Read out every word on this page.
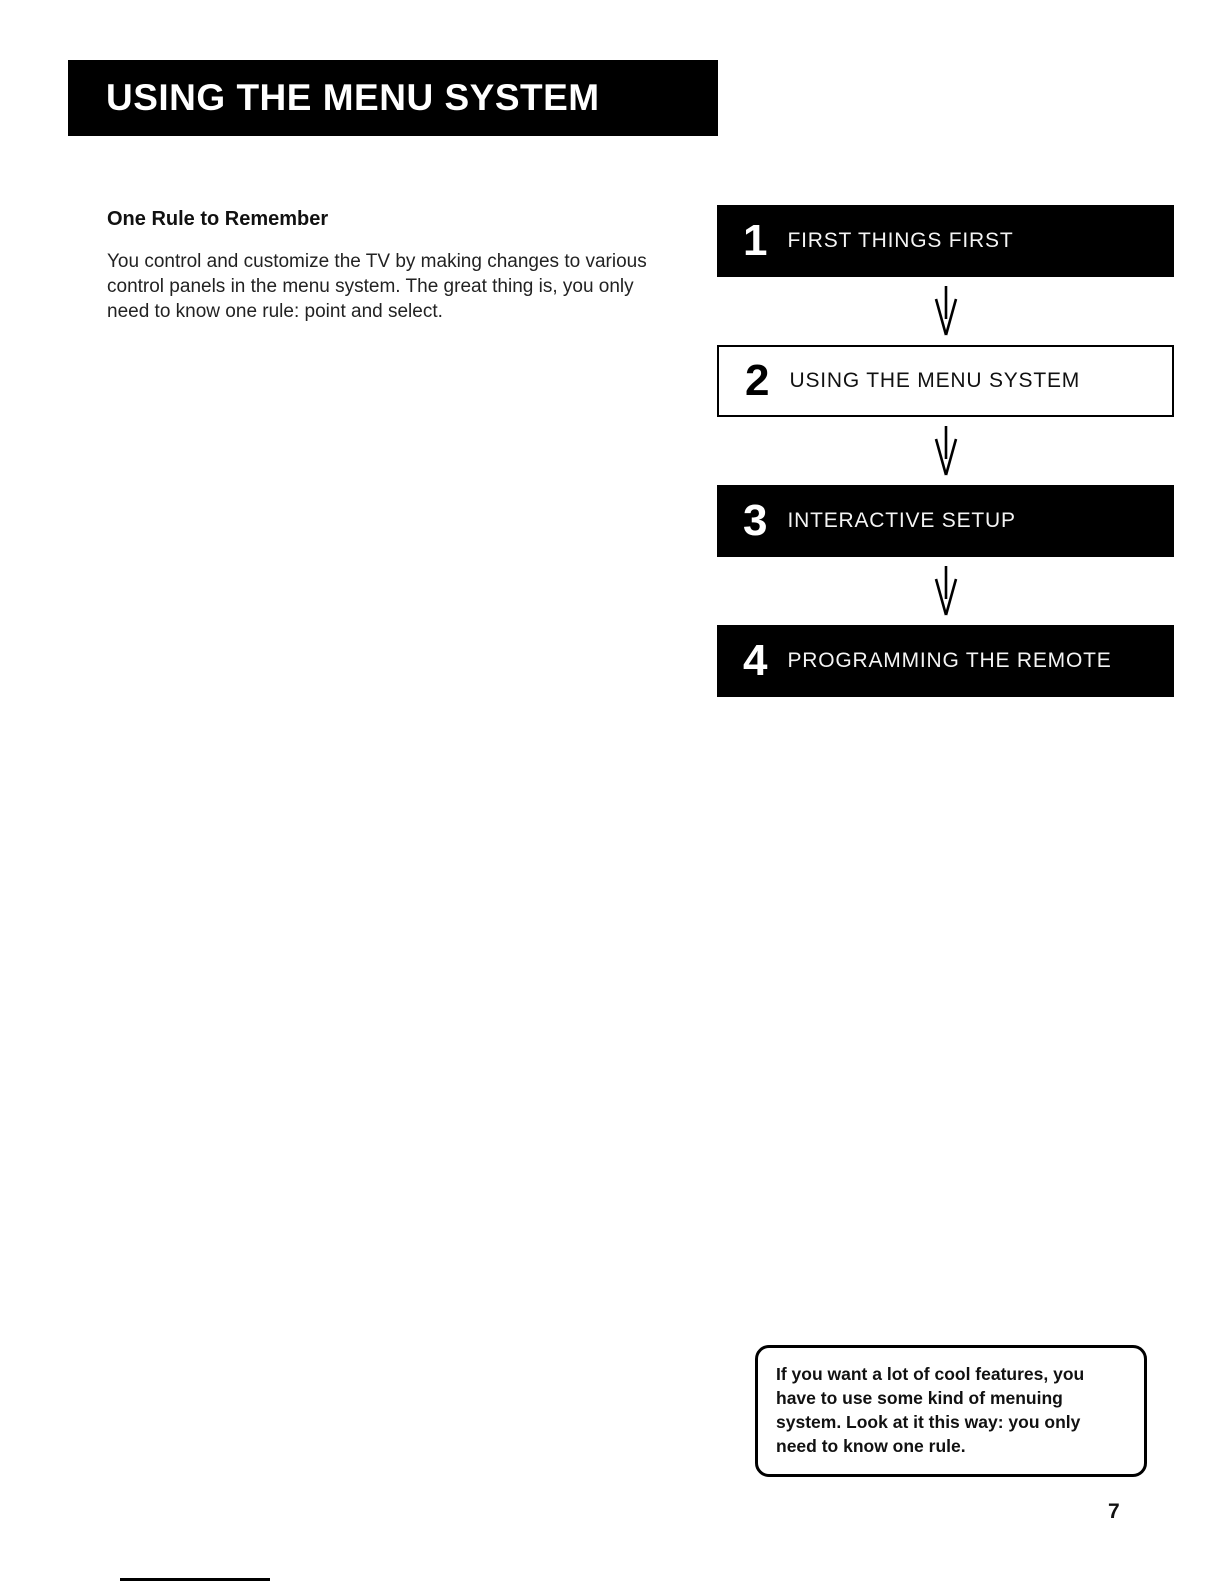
USING THE MENU SYSTEM
One Rule to Remember

You control and customize the TV by making changes to various control panels in the menu system. The great thing is, you only need to know one rule: point and select.

1 FIRST THINGS FIRST
2 USING THE MENU SYSTEM
3 INTERACTIVE SETUP
4 PROGRAMMING THE REMOTE

If you want a lot of cool features, you have to use some kind of menuing system. Look at it this way: you only need to know one rule.

7
